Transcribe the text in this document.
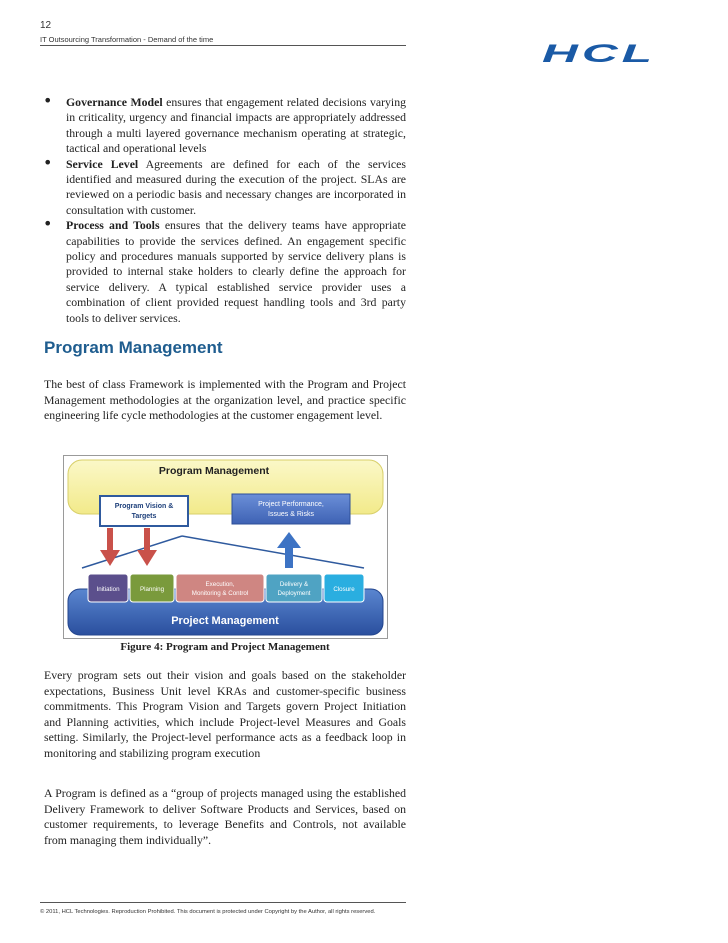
12
IT Outsourcing Transformation - Demand of the time
HCL
• Governance Model ensures that engagement related decisions varying in criticality, urgency and financial impacts are appropriately addressed through a multi layered governance mechanism operating at strategic, tactical and operational levels
• Service Level Agreements are defined for each of the services identified and measured during the execution of the project. SLAs are reviewed on a periodic basis and necessary changes are incorporated in consultation with customer.
• Process and Tools ensures that the delivery teams have appropriate capabilities to provide the services defined. An engagement specific policy and procedures manuals supported by service delivery plans is provided to internal stake holders to clearly define the approach for service delivery. A typical established service provider uses a combination of client provided request handling tools and 3rd party tools to deliver services.
Program Management

The best of class Framework is implemented with the Program and Project Management methodologies at the organization level, and practice specific engineering life cycle methodologies at the customer engagement level.

Program Management
Project Management
Program Vision &
Targets
Project Performance,
Issues & Risks
Initiation	Planning
Execution,
Monitoring & Control
Delivery &
Deployment
Closure
Figure 4: Program and Project Management

Every program sets out their vision and goals based on the stakeholder expectations, Business Unit level KRAs and customer-specific business commitments. This Program Vision and Targets govern Project Initiation and Planning activities, which include Project-level Measures and Goals setting. Similarly, the Project-level performance acts as a feedback loop in monitoring and stabilizing program execution

A Program is defined as a “group of projects managed using the established Delivery Framework to deliver Software Products and Services, based on customer requirements, to leverage Benefits and Controls, not available from managing them individually”.

© 2011, HCL Technologies. Reproduction Prohibited. This document is protected under Copyright by the Author, all rights reserved.
